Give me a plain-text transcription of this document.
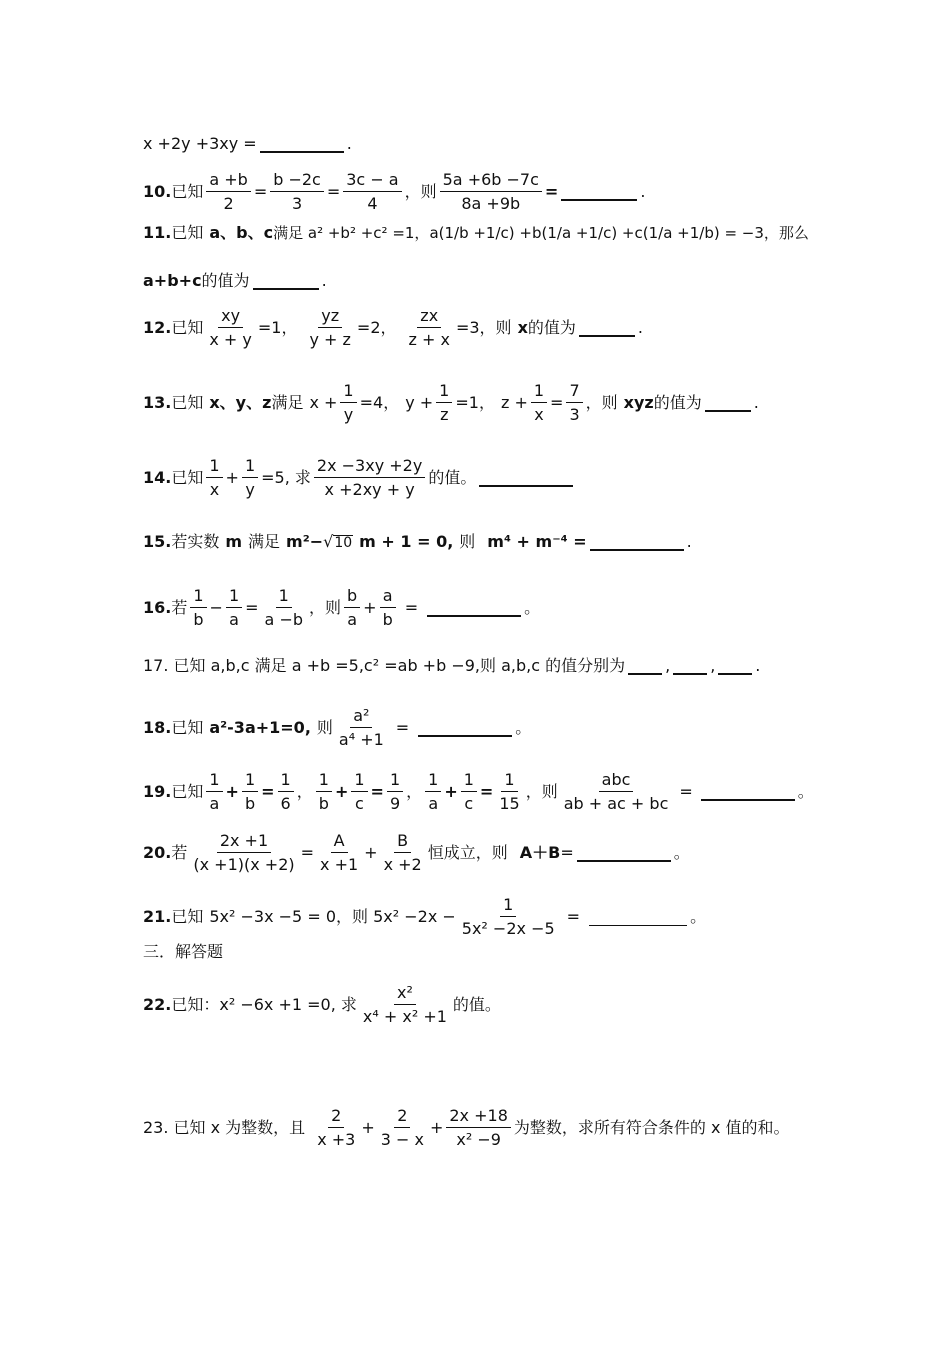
x +2y +3xy =	.
10. 已知 $\frac{a +b}{2} = \frac{b -2c}{3} = \frac{3c - a}{4}$ ，则 $\frac{5a +6b -7c}{8a +9b}$ =	.
11. 已知 a、b、c 满足 a² +b² +c² =1， a(1/b +1/c) +b(1/a +1/c) +c(1/a +1/b) = −3，那么
a+b+c 的值为	.
12. 已知 $\frac{xy}{x + y} =1$， $\frac{yz}{y + z} =2$， $\frac{zx}{z + x} =3$，则 x 的值为	.
13. 已知 x、y、z 满足 $x + \frac{1}{y} =4$， $y + \frac{1}{z} =1$， $z + \frac{1}{x} = \frac{7}{3}$ ，则 xyz 的值为	.
14. 已知 $\frac{1}{x} + \frac{1}{y} =5$, 求 $\frac{2x -3xy +2y}{x +2xy + y}$ 的值。
15. 若实数 m 满足 m²− √ 10 m + 1 = 0, 则 m⁴ + m⁻⁴ =	.
16. 若 $\frac{1}{b} - \frac{1}{a} = \frac{1}{a -b}$ ，则 $\frac{b}{a} + \frac{a}{b}$ =	。
17. 已知 a,b,c 满足 a +b =5,c² =ab +b −9,则 a,b,c 的值分别为	,	,	.
18. 已知 a²-3a+1=0, 则 $\frac{\text{a²}}{\text{a⁴ +1}}$ =	。
19. 已知 $\frac{1}{a} + \frac{1}{b} = \frac{1}{6}$ ， $\frac{1}{b} + \frac{1}{c} = \frac{1}{9}$ ， $\frac{1}{a} + \frac{1}{c} = \frac{1}{15}$ ，则 $\frac{\text{abc}}{ab + ac + bc}$ =	。
20. 若 $\frac{2x +1}{(x +1)(x +2)} = \frac{A}{x +1} + \frac{B}{x +2}$ 恒成立，则 A＋B =	。
21. 已知 5x² −3x −5 = 0，则 $5x^2 -2x - \frac{1}{\text{5x² −2x −5}}$ =	。
三．解答题
22. 已知： x² −6x +1 =0, 求 $\frac{\text{x²}}{\text{x⁴ + x² +1}}$ 的值。
23. 已知 x 为整数，且 $\frac{2}{x +3} + \frac{2}{3 - x} + \frac{2x +18}{\text{x² −9}}$ 为整数，求所有符合条件的 x 值的和。
